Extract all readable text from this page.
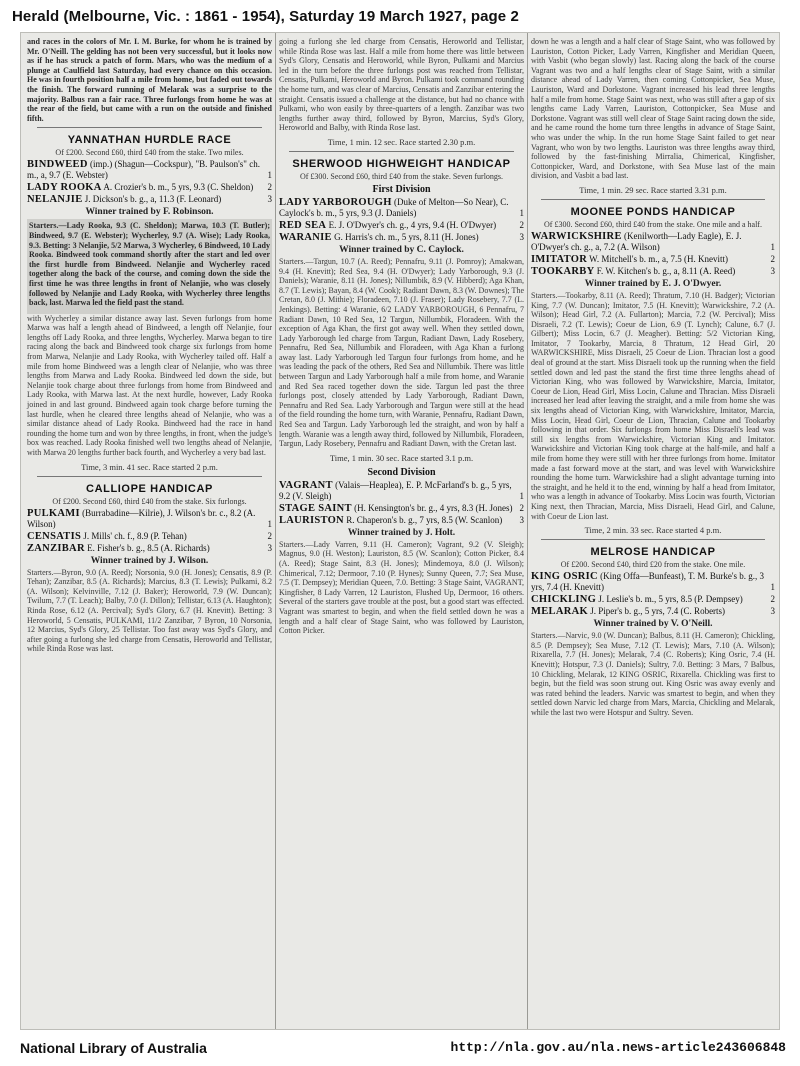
Herald (Melbourne, Vic. : 1861 - 1954), Saturday 19 March 1927, page 2

and races in the colors of Mr. I. M. Burke, for whom he is trained by Mr. O'Neill. The gelding has not been very successful, but it looks now as if he has struck a patch of form. Mars, who was the medium of a plunge at Caulfield last Saturday, had every chance on this occasion. He was in fourth position half a mile from home, but faded out towards the finish. The forward running of Melarak was a surprise to the majority. Balbus ran a fair race. Three furlongs from home he was at the rear of the field, but came with a run on the outside and finished fifth.

YANNATHAN HURDLE RACE
Of £200. Second £60, third £40 from the stake. Two miles.
BINDWEED (imp.) (Shagun—Cockspur), "B. Paulson's" ch. m., a, 9.7 (E. Webster)	1
LADY ROOKA A. Crozier's b. m., 5 yrs, 9.3 (C. Sheldon) 2
NELANJIE J. Dickson's b. g., a, 11.3 (F. Leonard)	3
Winner trained by F. Robinson.

Starters.—Lady Rooka, 9.3 (C. Sheldon); Marwa, 10.3 (T. Butler); Bindweed, 9.7 (E. Webster); Wycherley, 9.7 (A. Wise); Lady Rooka, 9.3. Betting: 3 Nelanjie, 5/2 Marwa, 3 Wycherley, 6 Bindweed, 10 Lady Rooka. Bindweed took command shortly after the start and led over the first hurdle from Bindweed. Nelanjie and Wycherley raced together along the back of the course, and coming down the side the first time he was three lengths in front of Nelanjie, who was closely followed by Nelanjie and Lady Rooka, with Wycherley three lengths back, last. Marwa led the field past the stand.

with Wycherley a similar distance away last. Seven furlongs from home Marwa was half a length ahead of Bindweed, a length off Nelanjie, four lengths off Lady Rooka, and three lengths, Wycherley. Marwa began to tire racing along the back and Bindweed took charge six furlongs from home from Marwa, Nelanjie and Lady Rooka, with Wycherley tailed off. Half a mile from home Bindweed was a length clear of Nelanjie, who was three lengths from Marwa and Lady Rooka. Bindweed led down the side, but Nelanjie took charge about three furlongs from home from Bindweed and Lady Rooka, with Marwa last. At the next hurdle, however, Lady Rooka joined in and last ground. Bindweed again took charge before turning the last hurdle, when he cleared three lengths ahead of Nelanjie, who was a similar distance ahead of Lady Rooka. Bindweed had the race in hand rounding the home turn and won by three lengths, in front, when the judge's box was reached. Lady Rooka finished well two lengths ahead of Nelanjie, with Marwa 20 lengths further back fourth, and Wycherley a very bad last.

Time, 3 min. 41 sec. Race started 2 p.m.
CALLIOPE HANDICAP
Of £200. Second £60, third £40 from the stake. Six furlongs.
PULKAMI (Burrabadine—Kilrie), J. Wilson's br. c., 8.2 (A. Wilson)	1
CENSATIS J. Mills' ch. f., 8.9 (P. Tehan)	2
ZANZIBAR E. Fisher's b. g., 8.5 (A. Richards)	3
Winner trained by J. Wilson.

Starters.—Byron, 9.0 (A. Reed); Norsonia, 9.0 (H. Jones); Censatis, 8.9 (P. Tehan); Zanzibar, 8.5 (A. Richards); Marcius, 8.3 (T. Lewis); Pulkami, 8.2 (A. Wilson); Kelvinville, 7.12 (J. Baker); Heroworld, 7.9 (W. Duncan); Twilum, 7.7 (T. Leach); Balby, 7.0 (J. Dillon); Tellistar, 6.13 (A. Haughton); Rinda Rose, 6.12 (A. Percival); Syd's Glory, 6.7 (H. Knevitt). Betting: 3 Heroworld, 5 Censatis, PULKAMI, 11/2 Zanzibar, 7 Byron, 10 Norsonia, 12 Marcius, Syd's Glory, 25 Tellistar. Too fast away was Syd's Glory, and after going a furlong she led charge from Censatis, Heroworld and Tellistar, while Rinda Rose was last.

going a furlong she led charge from Censatis, Heroworld and Tellistar, while Rinda Rose was last. Half a mile from home there was little between Syd's Glory, Censatis and Heroworld, while Byron, Pulkami and Marcius led in the turn before the three furlongs post was reached from Tellistar, Censatis, Pulkami, Heroworld and Byron. Pulkami took command rounding the home turn, and was clear of Marcius, Censatis and Zanzibar entering the straight. Censatis issued a challenge at the distance, but had no chance with Pulkami, who won easily by three-quarters of a length. Zanzibar was two lengths further away third, followed by Byron, Marcius, Syd's Glory, Heroworld and Balby, with Rinda Rose last.

Time, 1 min. 12 sec. Race started 2.30 p.m.
SHERWOOD HIGHWEIGHT HANDICAP
Of £300. Second £60, third £40 from the stake. Seven furlongs.
First Division
LADY YARBOROUGH (Duke of Melton—So Near), C. Caylock's b. m., 5 yrs, 9.3 (J. Daniels)	1
RED SEA E. J. O'Dwyer's ch. g., 4 yrs, 9.4 (H. O'Dwyer)	2
WARANIE G. Harris's ch. m., 5 yrs, 8.11 (H. Jones)	3
Winner trained by C. Caylock.

Starters.—Targun, 10.7 (A. Reed); Pennafru, 9.11 (J. Pomroy); Amakwan, 9.4 (H. Knevitt); Red Sea, 9.4 (H. O'Dwyer); Lady Yarborough, 9.3 (J. Daniels); Waranie, 8.11 (H. Jones); Nillumbik, 8.9 (V. Hibberd); Aga Khan, 8.7 (T. Lewis); Bayan, 8.4 (W. Cook); Radiant Dawn, 8.3 (W. Downes); The Cretan, 8.0 (J. Mithie); Floradeen, 7.10 (J. Fraser); Lady Rosebery, 7.7 (L. Jenkings). Betting: 4 Waranie, 6/2 LADY YARBOROUGH, 6 Pennafru, 7 Radiant Dawn, 10 Red Sea, 12 Targun, Nillumbik, Floradeen. With the exception of Aga Khan, the first got away well. When they settled down, Lady Yarborough led charge from Targun, Radiant Dawn, Lady Rosebery, Pennafru, Red Sea, Nillumbik and Floradeen, with Aga Khan a furlong away last. Lady Yarborough led Targun four furlongs from home, and he was leading the pack of the others, Red Sea and Nillumbik. There was little between Targun and Lady Yarborough half a mile from home, and Waranie and Red Sea raced together down the side. Targun led past the three furlongs post, closely attended by Lady Yarborough, Radiant Dawn, Pennafru and Red Sea. Lady Yarborough and Targun were still at the head of the field rounding the home turn, with Waranie, Pennafru, Radiant Dawn, Red Sea and Targun. Lady Yarborough led the straight, and won by half a length. Waranie was a length away third, followed by Nillumbik, Floradeen, Targun, Lady Rosebery, Pennafru and Radiant Dawn, with the Cretan last.

Time, 1 min. 30 sec. Race started 3.1 p.m.
Second Division
VAGRANT (Valais—Heaplea), E. P. McFarland's b. g., 5 yrs, 9.2 (V. Sleigh)	1
STAGE SAINT (H. Kensington's br. g., 4 yrs, 8.3 (H. Jones) 2
LAURISTON R. Chaperon's b. g., 7 yrs, 8.5 (W. Scanlon) 3
Winner trained by J. Holt.

Starters.—Lady Varren, 9.11 (H. Cameron); Vagrant, 9.2 (V. Sleigh); Magnus, 9.0 (H. Weston); Lauriston, 8.5 (W. Scanlon); Cotton Picker, 8.4 (A. Reed); Stage Saint, 8.3 (H. Jones); Mindemoya, 8.0 (J. Wilson); Chimerical, 7.12; Dermoor, 7.10 (P. Hynes); Sunny Queen, 7.7; Sea Muse, 7.5 (T. Dempsey); Meridian Queen, 7.0. Betting: 3 Stage Saint, VAGRANT, Kingfisher, 8 Lady Varren, 12 Lauriston, Flushed Up, Dermoor, 16 others. Several of the starters gave trouble at the post, but a good start was effected. Vagrant was smartest to begin, and when the field settled down he was a length and a half clear of Stage Saint, who was followed by Lauriston, Cotton Picker.

down he was a length and a half clear of Stage Saint, who was followed by Lauriston, Cotton Picker, Lady Varren, Kingfisher and Meridian Queen, with Vasbit (who began slowly) last. Racing along the back of the course Vagrant was two and a half lengths clear of Stage Saint, with a similar distance ahead of Lady Varren, then coming Cottonpicker, Sea Muse, Lauriston, Ward and Dorkstone. Vagrant increased his lead three lengths half a mile from home. Stage Saint was next, who was still after a gap of six lengths came Lady Varren, Lauriston, Cottonpicker, Sea Muse and Dorkstone. Vagrant was still well clear of Stage Saint racing down the side, and he came round the home turn three lengths in advance of Stage Saint, who was under the whip. In the run home Stage Saint failed to get near Vagrant, who won by two lengths. Lauriston was three lengths away third, followed by the fast-finishing Mirralia, Chimerical, Kingfisher, Cottonpicker, Ward, and Dorkstone, with Sea Muse last of the main division, and Vasbit a bad last.

Time, 1 min. 29 sec. Race started 3.31 p.m.
MOONEE PONDS HANDICAP
Of £300. Second £60, third £40 from the stake. One mile and a half.
WARWICKSHIRE (Kenilworth—Lady Eagle), E. J. O'Dwyer's ch. g., a, 7.2 (A. Wilson)	1
IMITATOR W. Mitchell's b. m., a, 7.5 (H. Knevitt)	2
TOOKARBY F. W. Kitchen's b. g., a, 8.11 (A. Reed)	3
Winner trained by E. J. O'Dwyer.

Starters.—Tookarby, 8.11 (A. Reed); Thratum, 7.10 (H. Badger); Victorian King, 7.7 (W. Duncan); Imitator, 7.5 (H. Knevitt); Warwickshire, 7.2 (A. Wilson); Head Girl, 7.2 (A. Fullarton); Marcia, 7.2 (W. Percival); Miss Disraeli, 7.2 (T. Lewis); Coeur de Lion, 6.9 (T. Lynch); Calune, 6.7 (J. Gilbert); Miss Locin, 6.7 (J. Meagher). Betting: 5/2 Victorian King, Imitator, 7 Tookarby, Marcia, 8 Thratum, 12 Head Girl, 20 WARWICKSHIRE, Miss Disraeli, 25 Coeur de Lion. Thracian lost a good deal of ground at the start. Miss Disraeli took up the running when the field settled down and led past the stand the first time three lengths ahead of Victorian King, who was followed by Warwickshire, Marcia, Imitator, Coeur de Lion, Head Girl, Miss Locin, Calune and Thracian. Miss Disraeli increased her lead after leaving the straight, and a mile from home she was six lengths ahead of Victorian King, with Warwickshire, Imitator, Marcia, Miss Locin, Head Girl, Coeur de Lion, Thracian, Calune and Tookarby following in that order. Six furlongs from home Miss Disraeli's lead was still six lengths from Warwickshire, Victorian King and Imitator. Warwickshire and Victorian King took charge at the half-mile, and half a mile from home they were still with her three furlongs from home. Imitator made a fast forward move at the start, and was level with Warwickshire rounding the home turn. Warwickshire had a slight advantage turning into the straight, and he held it to the end, winning by half a head from Imitator, who was a length in advance of Tookarby. Miss Locin was fourth, Victorian King next, then Thracian, Marcia, Miss Disraeli, Head Girl, and Calune, with Coeur de Lion last.

Time, 2 min. 33 sec. Race started 4 p.m.
MELROSE HANDICAP
Of £200. Second £40, third £20 from the stake. One mile.
KING OSRIC (King Offa—Bunfeast), T. M. Burke's b. g., 3 yrs, 7.4 (H. Knevitt)	1
CHICKLING J. Leslie's b. m., 5 yrs, 8.5 (P. Dempsey)	2
MELARAK J. Piper's b. g., 5 yrs, 7.4 (C. Roberts)	3
Winner trained by V. O'Neill.

Starters.—Narvic, 9.0 (W. Duncan); Balbus, 8.11 (H. Cameron); Chickling, 8.5 (P. Dempsey); Sea Muse, 7.12 (T. Lewis); Mars, 7.10 (A. Wilson); Rixarella, 7.7 (H. Jones); Melarak, 7.4 (C. Roberts); King Osric, 7.4 (H. Knevitt); Hotspur, 7.3 (J. Daniels); Sultry, 7.0. Betting: 3 Mars, 7 Balbus, 10 Chickling, Melarak, 12 KING OSRIC, Rixarella. Chickling was first to begin, but the field was soon strung out. King Osric was away evenly and was rated behind the leaders. Narvic was smartest to begin, and when they settled down Narvic led charge from Mars, Marcia, Chickling and Melarak, while the last two were Hotspur and Sultry. Seven.

National Library of Australia	http://nla.gov.au/nla.news-article243606848
